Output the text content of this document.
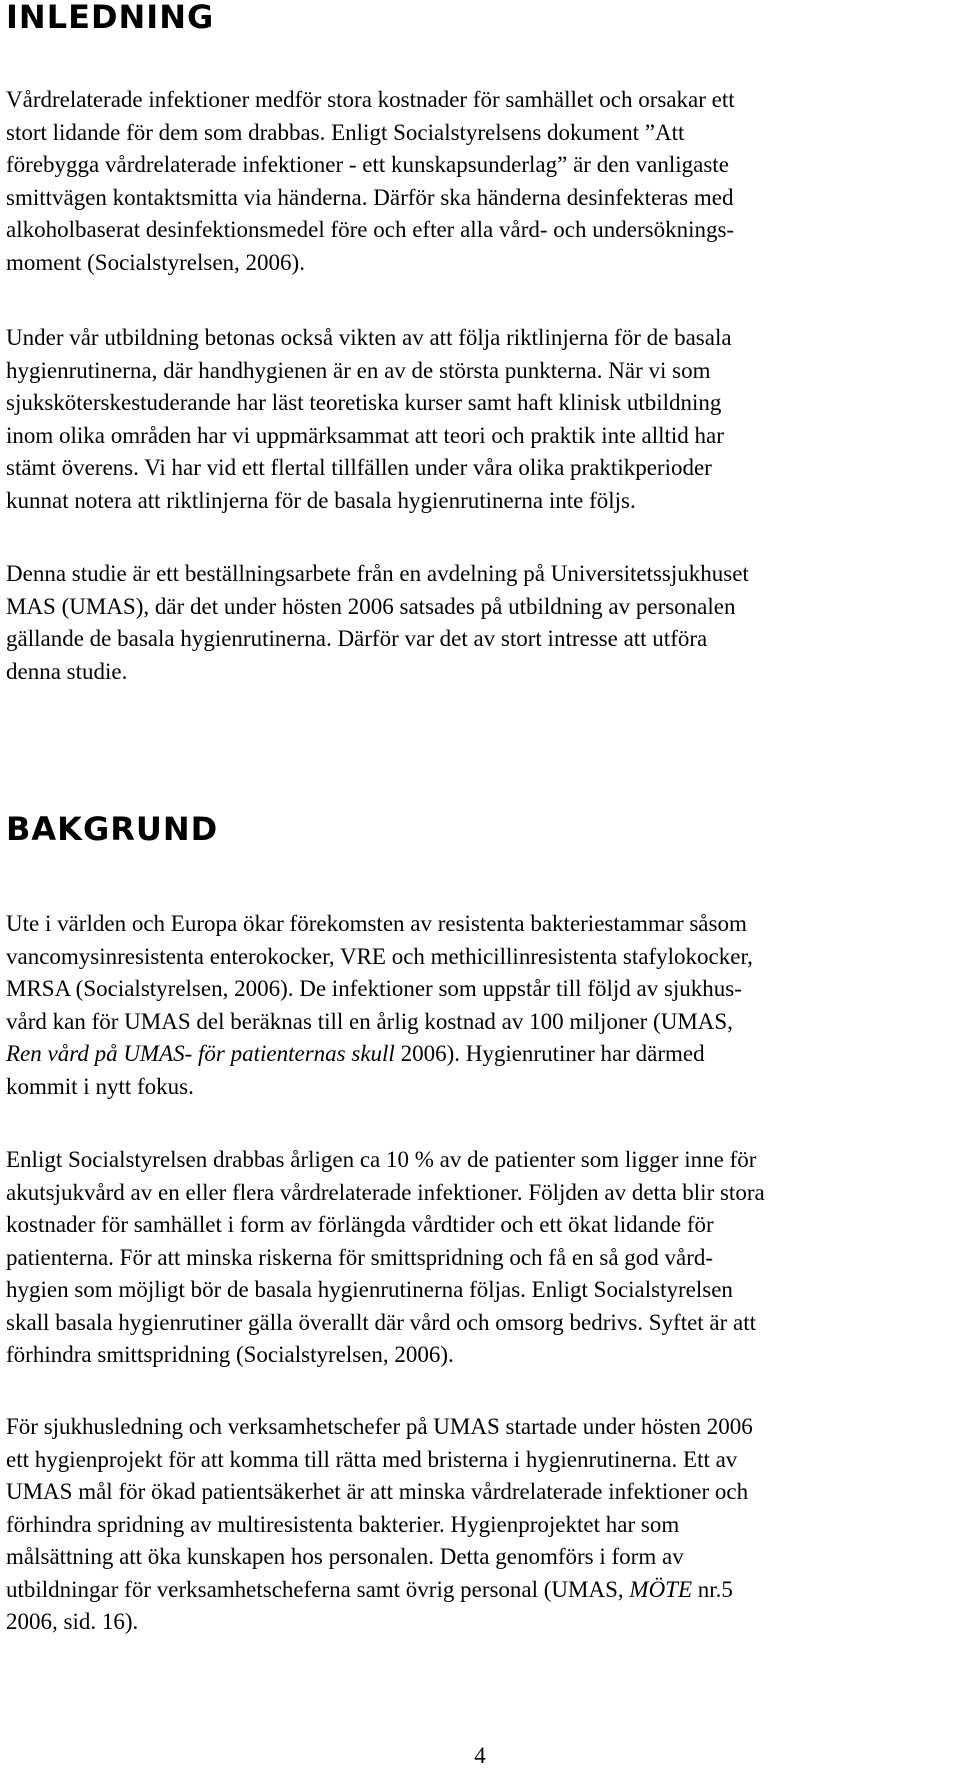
INLEDNING
Vårdrelaterade infektioner medför stora kostnader för samhället och orsakar ett
stort lidande för dem som drabbas. Enligt Socialstyrelsens dokument ”Att
förebygga vårdrelaterade infektioner - ett kunskapsunderlag” är den vanligaste
smittvägen kontaktsmitta via händerna. Därför ska händerna desinfekteras med
alkoholbaserat desinfektionsmedel före och efter alla vård- och undersöknings-
moment (Socialstyrelsen, 2006).
Under vår utbildning betonas också vikten av att följa riktlinjerna för de basala
hygienrutinerna, där handhygienen är en av de största punkterna. När vi som
sjuksköterskestuderande har läst teoretiska kurser samt haft klinisk utbildning
inom olika områden har vi uppmärksammat att teori och praktik inte alltid har
stämt överens. Vi har vid ett flertal tillfällen under våra olika praktikperioder
kunnat notera att riktlinjerna för de basala hygienrutinerna inte följs.
Denna studie är ett beställningsarbete från en avdelning på Universitetssjukhuset
MAS (UMAS), där det under hösten 2006 satsades på utbildning av personalen
gällande de basala hygienrutinerna. Därför var det av stort intresse att utföra
denna studie.
BAKGRUND
Ute i världen och Europa ökar förekomsten av resistenta bakteriestammar såsom
vancomysinresistenta enterokocker, VRE och methicillinresistenta stafylokocker,
MRSA (Socialstyrelsen, 2006). De infektioner som uppstår till följd av sjukhus-
vård kan för UMAS del beräknas till en årlig kostnad av 100 miljoner (UMAS,
Ren vård på UMAS- för patienternas skull 2006). Hygienrutiner har därmed
kommit i nytt fokus.
Enligt Socialstyrelsen drabbas årligen ca 10 % av de patienter som ligger inne för
akutsjukvård av en eller flera vårdrelaterade infektioner. Följden av detta blir stora
kostnader för samhället i form av förlängda vårdtider och ett ökat lidande för
patienterna. För att minska riskerna för smittspridning och få en så god vård-
hygien som möjligt bör de basala hygienrutinerna följas. Enligt Socialstyrelsen
skall basala hygienrutiner gälla överallt där vård och omsorg bedrivs. Syftet är att
förhindra smittspridning (Socialstyrelsen, 2006).
För sjukhusledning och verksamhetschefer på UMAS startade under hösten 2006
ett hygienprojekt för att komma till rätta med bristerna i hygienrutinerna. Ett av
UMAS mål för ökad patientsäkerhet är att minska vårdrelaterade infektioner och
förhindra spridning av multiresistenta bakterier. Hygienprojektet har som
målsättning att öka kunskapen hos personalen. Detta genomförs i form av
utbildningar för verksamhetscheferna samt övrig personal (UMAS, MÖTE nr.5
2006, sid. 16).
4
